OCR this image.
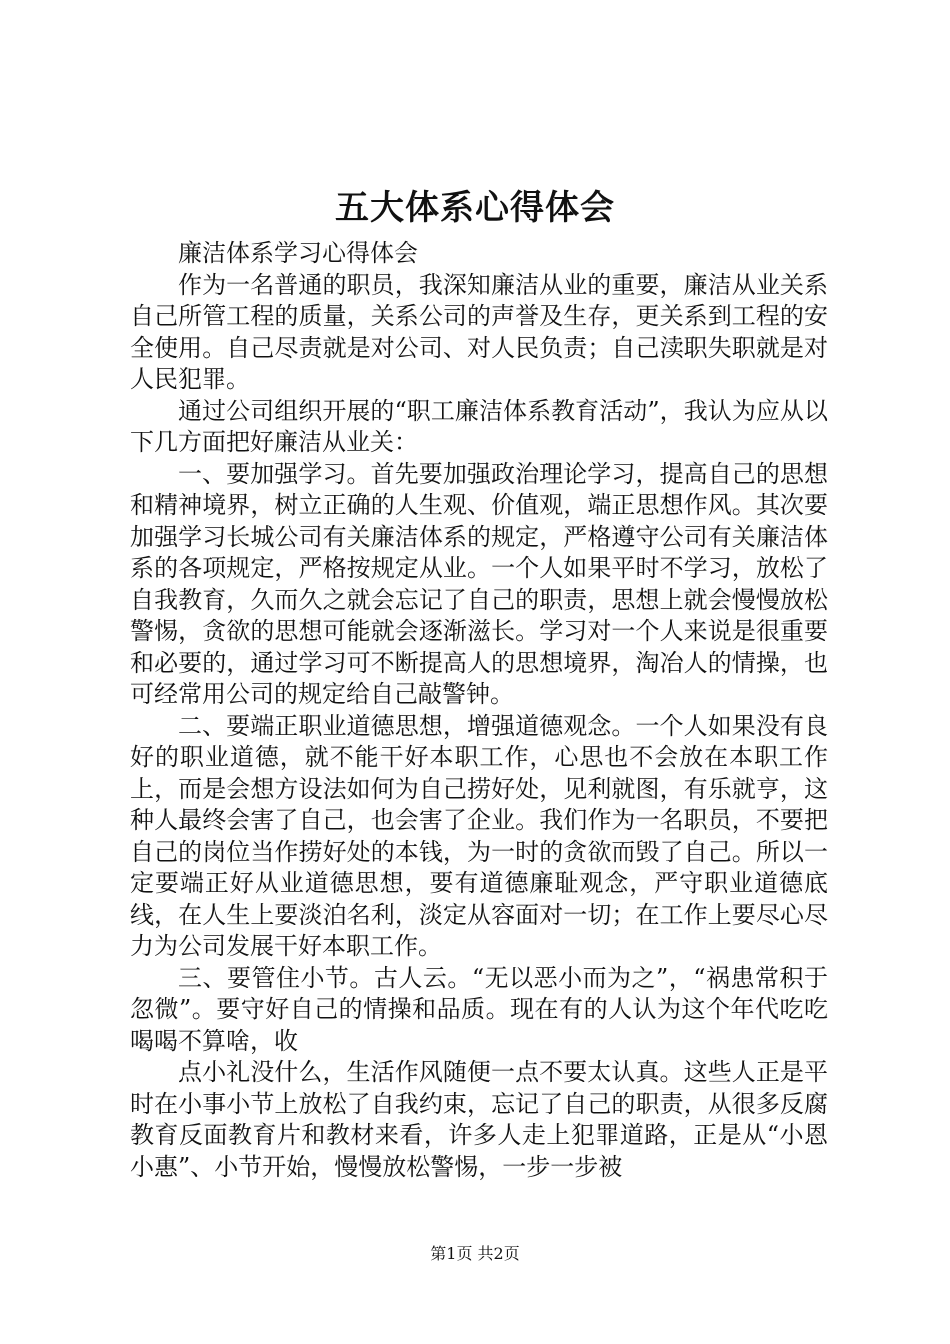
五大体系心得体会

廉洁体系学习心得体会

作为一名普通的职员，我深知廉洁从业的重要，廉洁从业关系自己所管工程的质量，关系公司的声誉及生存，更关系到工程的安全使用。自己尽责就是对公司、对人民负责；自己渎职失职就是对人民犯罪。

通过公司组织开展的“职工廉洁体系教育活动”，我认为应从以下几方面把好廉洁从业关：

一、要加强学习。首先要加强政治理论学习，提高自己的思想和精神境界，树立正确的人生观、价值观，端正思想作风。其次要加强学习长城公司有关廉洁体系的规定，严格遵守公司有关廉洁体系的各项规定，严格按规定从业。一个人如果平时不学习，放松了自我教育，久而久之就会忘记了自己的职责，思想上就会慢慢放松警惕，贪欲的思想可能就会逐渐滋长。学习对一个人来说是很重要和必要的，通过学习可不断提高人的思想境界，淘冶人的情操，也可经常用公司的规定给自己敲警钟。

二、要端正职业道德思想，增强道德观念。一个人如果没有良好的职业道德，就不能干好本职工作，心思也不会放在本职工作上，而是会想方设法如何为自己捞好处，见利就图，有乐就亨，这种人最终会害了自己，也会害了企业。我们作为一名职员，不要把自己的岗位当作捞好处的本钱，为一时的贪欲而毁了自己。所以一定要端正好从业道德思想，要有道德廉耻观念，严守职业道德底线，在人生上要淡泊名利，淡定从容面对一切；在工作上要尽心尽力为公司发展干好本职工作。

三、要管住小节。古人云。“无以恶小而为之”，“祸患常积于忽微”。要守好自己的情操和品质。现在有的人认为这个年代吃吃喝喝不算啥，收

点小礼没什么，生活作风随便一点不要太认真。这些人正是平时在小事小节上放松了自我约束，忘记了自己的职责，从很多反腐教育反面教育片和教材来看，许多人走上犯罪道路，正是从“小恩小惠”、小节开始，慢慢放松警惕，一步一步被

第1页 共2页
